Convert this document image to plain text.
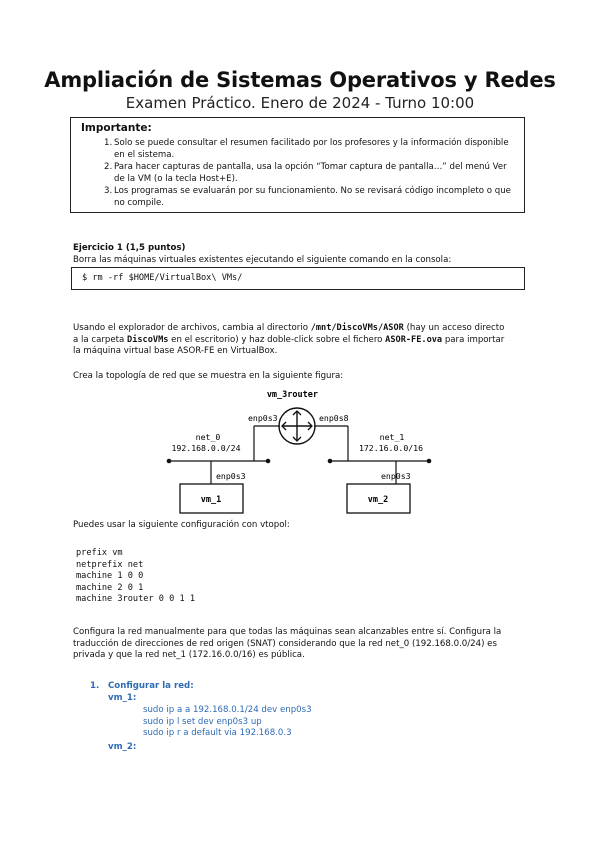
Ampliación de Sistemas Operativos y Redes
Examen Práctico. Enero de 2024 - Turno 10:00
Importante:
1. Solo se puede consultar el resumen facilitado por los profesores y la información disponible en el sistema.
2. Para hacer capturas de pantalla, usa la opción “Tomar captura de pantalla…” del menú Ver de la VM (o la tecla Host+E).
3. Los programas se evaluarán por su funcionamiento. No se revisará código incompleto o que no compile.
Ejercicio 1 (1,5 puntos)
Borra las máquinas virtuales existentes ejecutando el siguiente comando en la consola:
$ rm -rf $HOME/VirtualBox\ VMs/
Usando el explorador de archivos, cambia al directorio /mnt/DiscoVMs/ASOR (hay un acceso directo
a la carpeta DiscoVMs en el escritorio) y haz doble-click sobre el fichero ASOR-FE.ova para importar
la máquina virtual base ASOR-FE en VirtualBox.
Crea la topología de red que se muestra en la siguiente figura:
vm_3router
enp0s3	enp0s8
net_0
192.168.0.0/24
net_1
172.16.0.0/16
enp0s3	enp0s3
vm_1	vm_2
Puedes usar la siguiente configuración con vtopol:
prefix vm
netprefix net
machine 1 0 0
machine 2 0 1
machine 3router 0 0 1 1
Configura la red manualmente para que todas las máquinas sean alcanzables entre sí. Configura la
traducción de direcciones de red origen (SNAT) considerando que la red net_0 (192.168.0.0/24) es
privada y que la red net_1 (172.16.0.0/16) es pública.
1. Configurar la red:
vm_1:
sudo ip a a 192.168.0.1/24 dev enp0s3
sudo ip l set dev enp0s3 up
sudo ip r a default via 192.168.0.3
vm_2:
